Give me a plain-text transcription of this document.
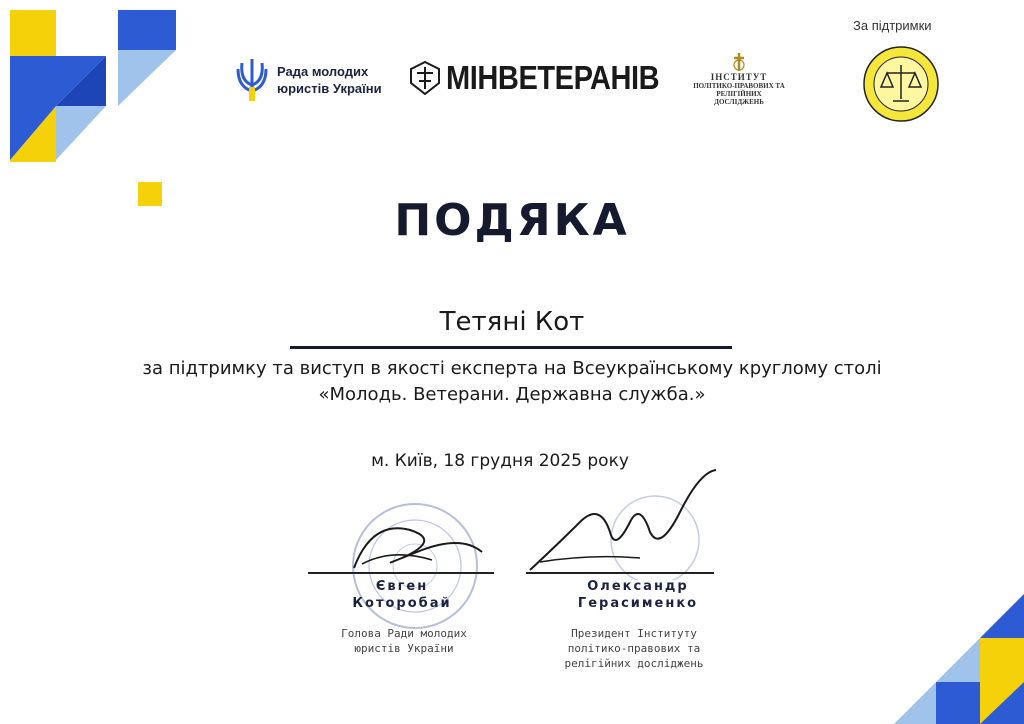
Рада молодих
юристів України МІНВЕТЕРАНІВ	ІНСТИТУТ
ПОЛІТИКО-ПРАВОВИХ ТА РЕЛІГІЙНИХ
ДОСЛІДЖЕНЬ
За підтримки
ПОДЯКА
Тетяні Кот
за підтримку та виступ в якості експерта на Всеукраїнському круглому столі
«Молодь. Ветерани. Державна служба.»
м. Київ, 18 грудня 2025 року
Євген
Которобай
Олександр
Герасименко
Голова Ради молодих
юристів України
Президент Інституту
політико-правових та
релігійних досліджень
